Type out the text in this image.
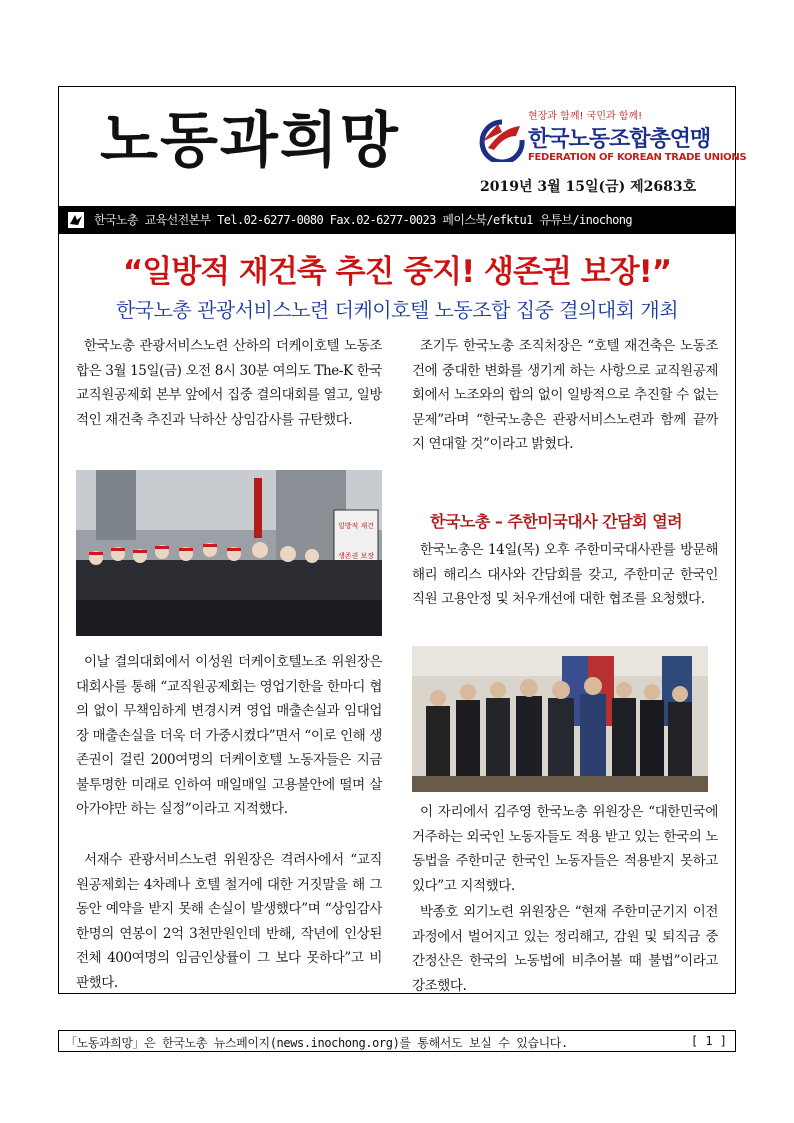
노동과희망	현장과 함께! 국민과 함께!
한국노동조합총연맹
FEDERATION OF KOREAN TRADE UNIONS
2019년 3월 15일(금) 제2683호
한국노총 교육선전본부 Tel.02-6277-0080 Fax.02-6277-0023 페이스북/efktu1 유튜브/inochong
“일방적 재건축 추진 중지! 생존권 보장!”
한국노총 관광서비스노련 더케이호텔 노동조합 집중 결의대회 개최

한국노총 관광서비스노련 산하의 더케이호텔 노동조합은 3월 15일(금) 오전 8시 30분 여의도 The-K 한국교직원공제회 본부 앞에서 집중 결의대회를 열고, 일방적인 재건축 추진과 낙하산 상임감사를 규탄했다.

일방적 재건
생존권 보장

이날 결의대회에서 이성원 더케이호텔노조 위원장은 대회사를 통해 “교직원공제회는 영업기한을 한마디 협의 없이 무책임하게 변경시켜 영업 매출손실과 임대업장 매출손실을 더욱 더 가중시켰다”면서 “이로 인해 생존권이 걸린 200여명의 더케이호텔 노동자들은 지금 불투명한 미래로 인하여 매일매일 고용불안에 떨며 살아가야만 하는 실정”이라고 지적했다.

서재수 관광서비스노련 위원장은 격려사에서 “교직원공제회는 4차례나 호텔 철거에 대한 거짓말을 해 그동안 예약을 받지 못해 손실이 발생했다”며 “상임감사 한명의 연봉이 2억 3천만원인데 반해, 작년에 인상된 전체 400여명의 임금인상률이 그 보다 못하다”고 비판했다.

조기두 한국노총 조직처장은 “호텔 재건축은 노동조건에 중대한 변화를 생기게 하는 사항으로 교직원공제회에서 노조와의 합의 없이 일방적으로 추진할 수 없는 문제”라며 “한국노총은 관광서비스노련과 함께 끝까지 연대할 것”이라고 밝혔다.

한국노총 – 주한미국대사 간담회 열려

한국노총은 14일(목) 오후 주한미국대사관를 방문해 해리 해리스 대사와 간담회를 갖고, 주한미군 한국인 직원 고용안정 및 처우개선에 대한 협조를 요청했다.

이 자리에서 김주영 한국노총 위원장은 “대한민국에 거주하는 외국인 노동자들도 적용 받고 있는 한국의 노동법을 주한미군 한국인 노동자들은 적용받지 못하고 있다”고 지적했다.

박종호 외기노련 위원장은 “현재 주한미군기지 이전과정에서 벌어지고 있는 정리해고, 감원 및 퇴직금 중간정산은 한국의 노동법에 비추어볼 때 불법”이라고 강조했다.

「노동과희망」은 한국노총 뉴스페이지(news.inochong.org)를 통해서도 보실 수 있습니다.	[ 1 ]
